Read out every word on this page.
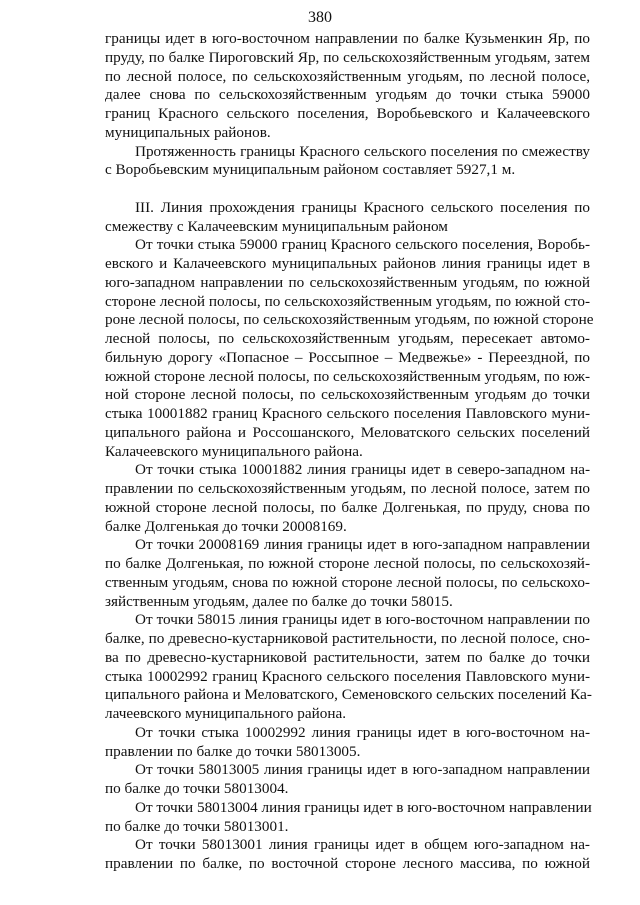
380
границы идет в юго-восточном направлении по балке Кузьменкин Яр, по
пруду, по балке Пироговский Яр, по сельскохозяйственным угодьям, затем
по лесной полосе, по сельскохозяйственным угодьям, по лесной полосе,
далее снова по сельскохозяйственным угодьям до точки стыка 59000
границ Красного сельского поселения, Воробьевского и Калачеевского
муниципальных районов.
Протяженность границы Красного сельского поселения по смежеству
с Воробьевским муниципальным районом составляет 5927,1 м.
III. Линия прохождения границы Красного сельского поселения по
смежеству с Калачеевским муниципальным районом
От точки стыка 59000 границ Красного сельского поселения, Воробь-
евского и Калачеевского муниципальных районов линия границы идет в
юго-западном направлении по сельскохозяйственным угодьям, по южной
стороне лесной полосы, по сельскохозяйственным угодьям, по южной сто-
роне лесной полосы, по сельскохозяйственным угодьям, по южной стороне
лесной полосы, по сельскохозяйственным угодьям, пересекает автомо-
бильную дорогу «Попасное – Россыпное – Медвежье» - Переездной, по
южной стороне лесной полосы, по сельскохозяйственным угодьям, по юж-
ной стороне лесной полосы, по сельскохозяйственным угодьям до точки
стыка 10001882 границ Красного сельского поселения Павловского муни-
ципального района и Россошанского, Меловатского сельских поселений
Калачеевского муниципального района.
От точки стыка 10001882 линия границы идет в северо-западном на-
правлении по сельскохозяйственным угодьям, по лесной полосе, затем по
южной стороне лесной полосы, по балке Долгенькая, по пруду, снова по
балке Долгенькая до точки 20008169.
От точки 20008169 линия границы идет в юго-западном направлении
по балке Долгенькая, по южной стороне лесной полосы, по сельскохозяй-
ственным угодьям, снова по южной стороне лесной полосы, по сельскохо-
зяйственным угодьям, далее по балке до точки 58015.
От точки 58015 линия границы идет в юго-восточном направлении по
балке, по древесно-кустарниковой растительности, по лесной полосе, сно-
ва по древесно-кустарниковой растительности, затем по балке до точки
стыка 10002992 границ Красного сельского поселения Павловского муни-
ципального района и Меловатского, Семеновского сельских поселений Ка-
лачеевского муниципального района.
От точки стыка 10002992 линия границы идет в юго-восточном на-
правлении по балке до точки 58013005.
От точки 58013005 линия границы идет в юго-западном направлении
по балке до точки 58013004.
От точки 58013004 линия границы идет в юго-восточном направлении
по балке до точки 58013001.
От точки 58013001 линия границы идет в общем юго-западном на-
правлении по балке, по восточной стороне лесного массива, по южной
